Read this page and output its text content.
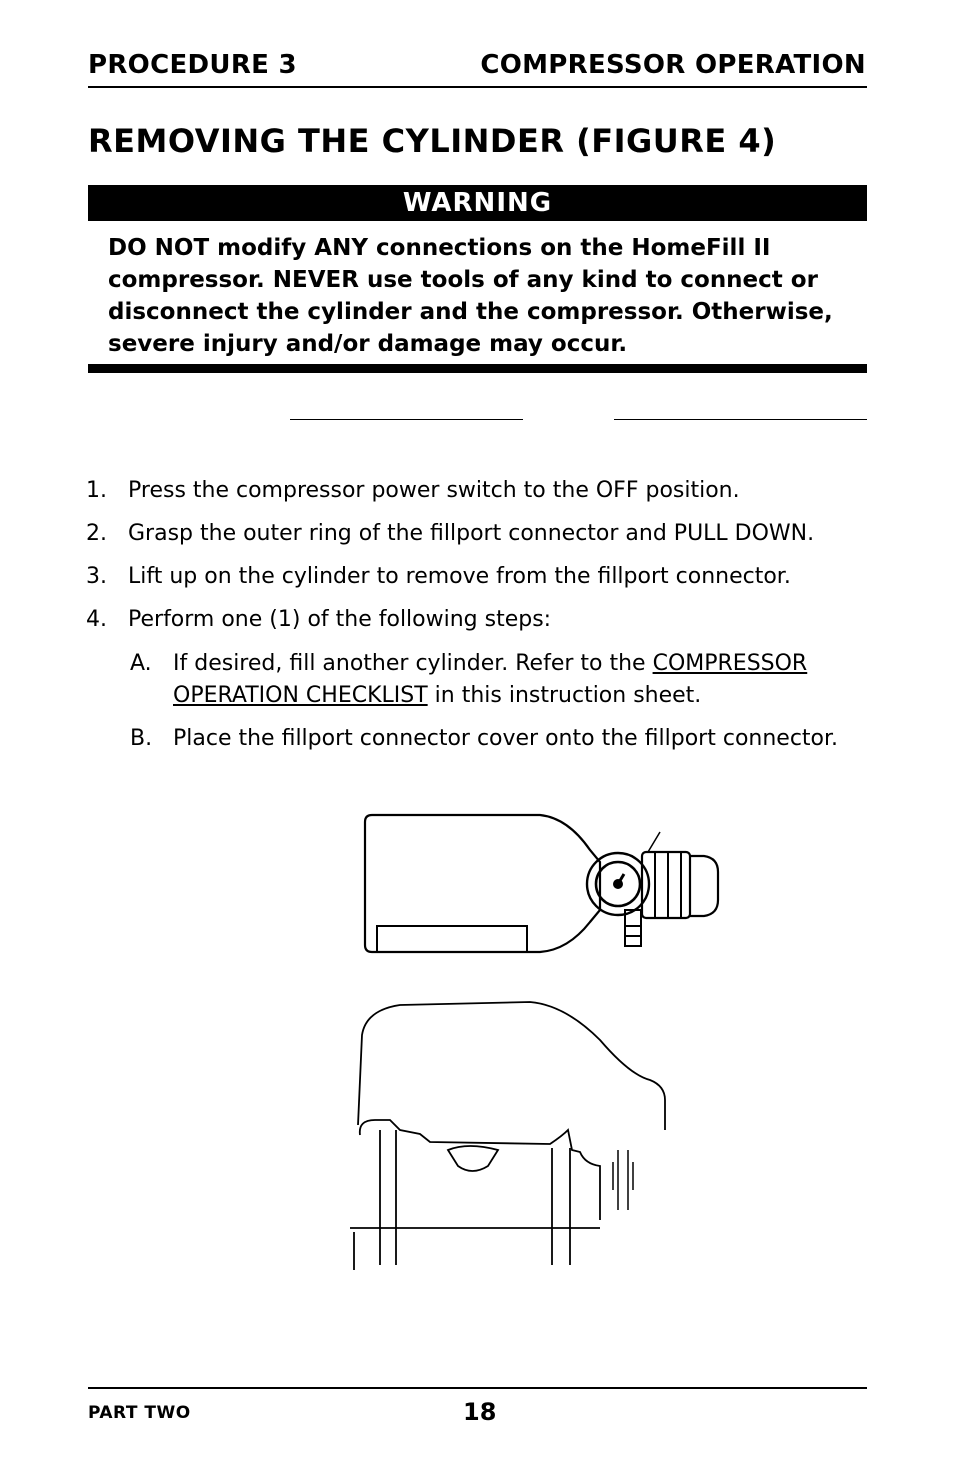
PROCEDURE 3	COMPRESSOR OPERATION
REMOVING THE CYLINDER (FIGURE 4)
WARNING
DO NOT modify ANY connections on the HomeFill II
compressor. NEVER use tools of any kind to connect or
disconnect the cylinder and the compressor. Otherwise,
severe injury and/or damage may occur.
1. Press the compressor power switch to the OFF position.
2. Grasp the outer ring of the fillport connector and PULL DOWN.
3. Lift up on the cylinder to remove from the fillport connector.
4. Perform one (1) of the following steps:
A. If desired, fill another cylinder. Refer to the COMPRESSOR
OPERATION CHECKLIST in this instruction sheet.
B. Place the fillport connector cover onto the fillport connector.
PART TWO	18
